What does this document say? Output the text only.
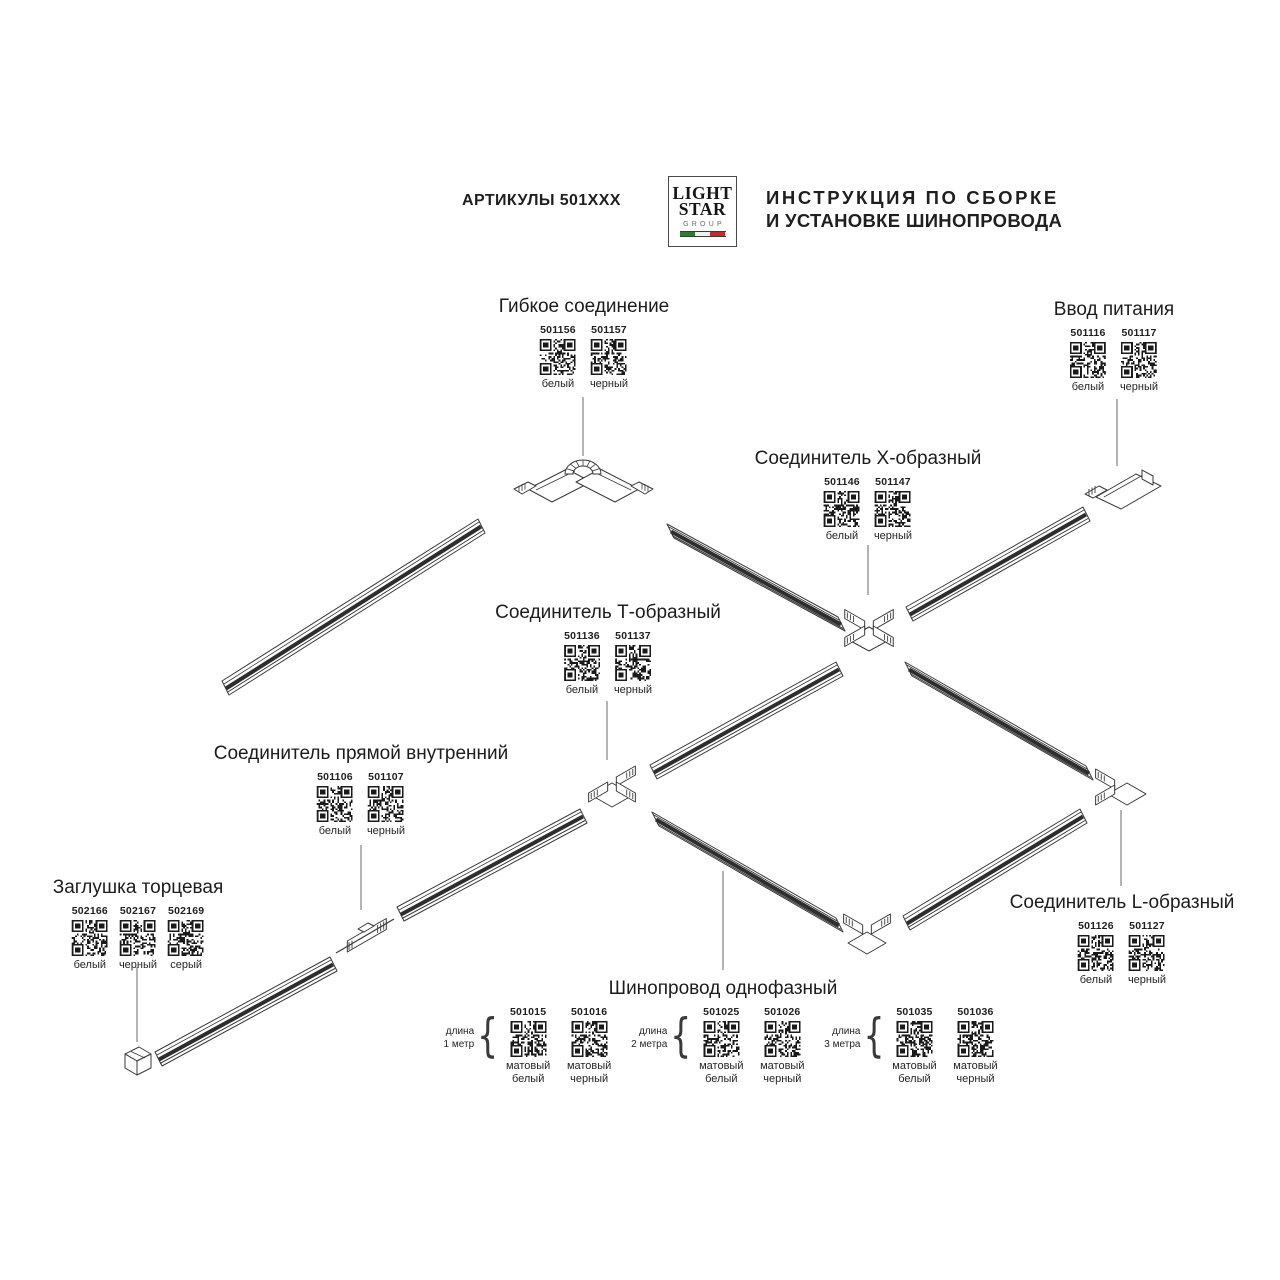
АРТИКУЛЫ 501ХХХ	LIGHT
STAR
GROUP
ИНСТРУКЦИЯ ПО СБОРКЕ
И УСТАНОВКЕ ШИНОПРОВОДА
Гибкое соединение
501156
белый
501157
черный
Ввод питания
501116
белый
501117
черный
Соединитель Х-образный
501146
белый
501147
черный
Соединитель Т-образный
501136
белый
501137
черный
Соединитель прямой внутренний
501106
белый
501107
черный
Заглушка торцевая
502166
белый
502167
черный
502169
серый
Соединитель L-образный
501126
белый
501127
черный
Шинопровод однофазный
длина
1 метр { 501015
матовый белый
501016
матовый черный
длина
2 метра { 501025
матовый белый
501026
матовый черный
длина
3 метра { 501035
матовый белый
501036
матовый черный
